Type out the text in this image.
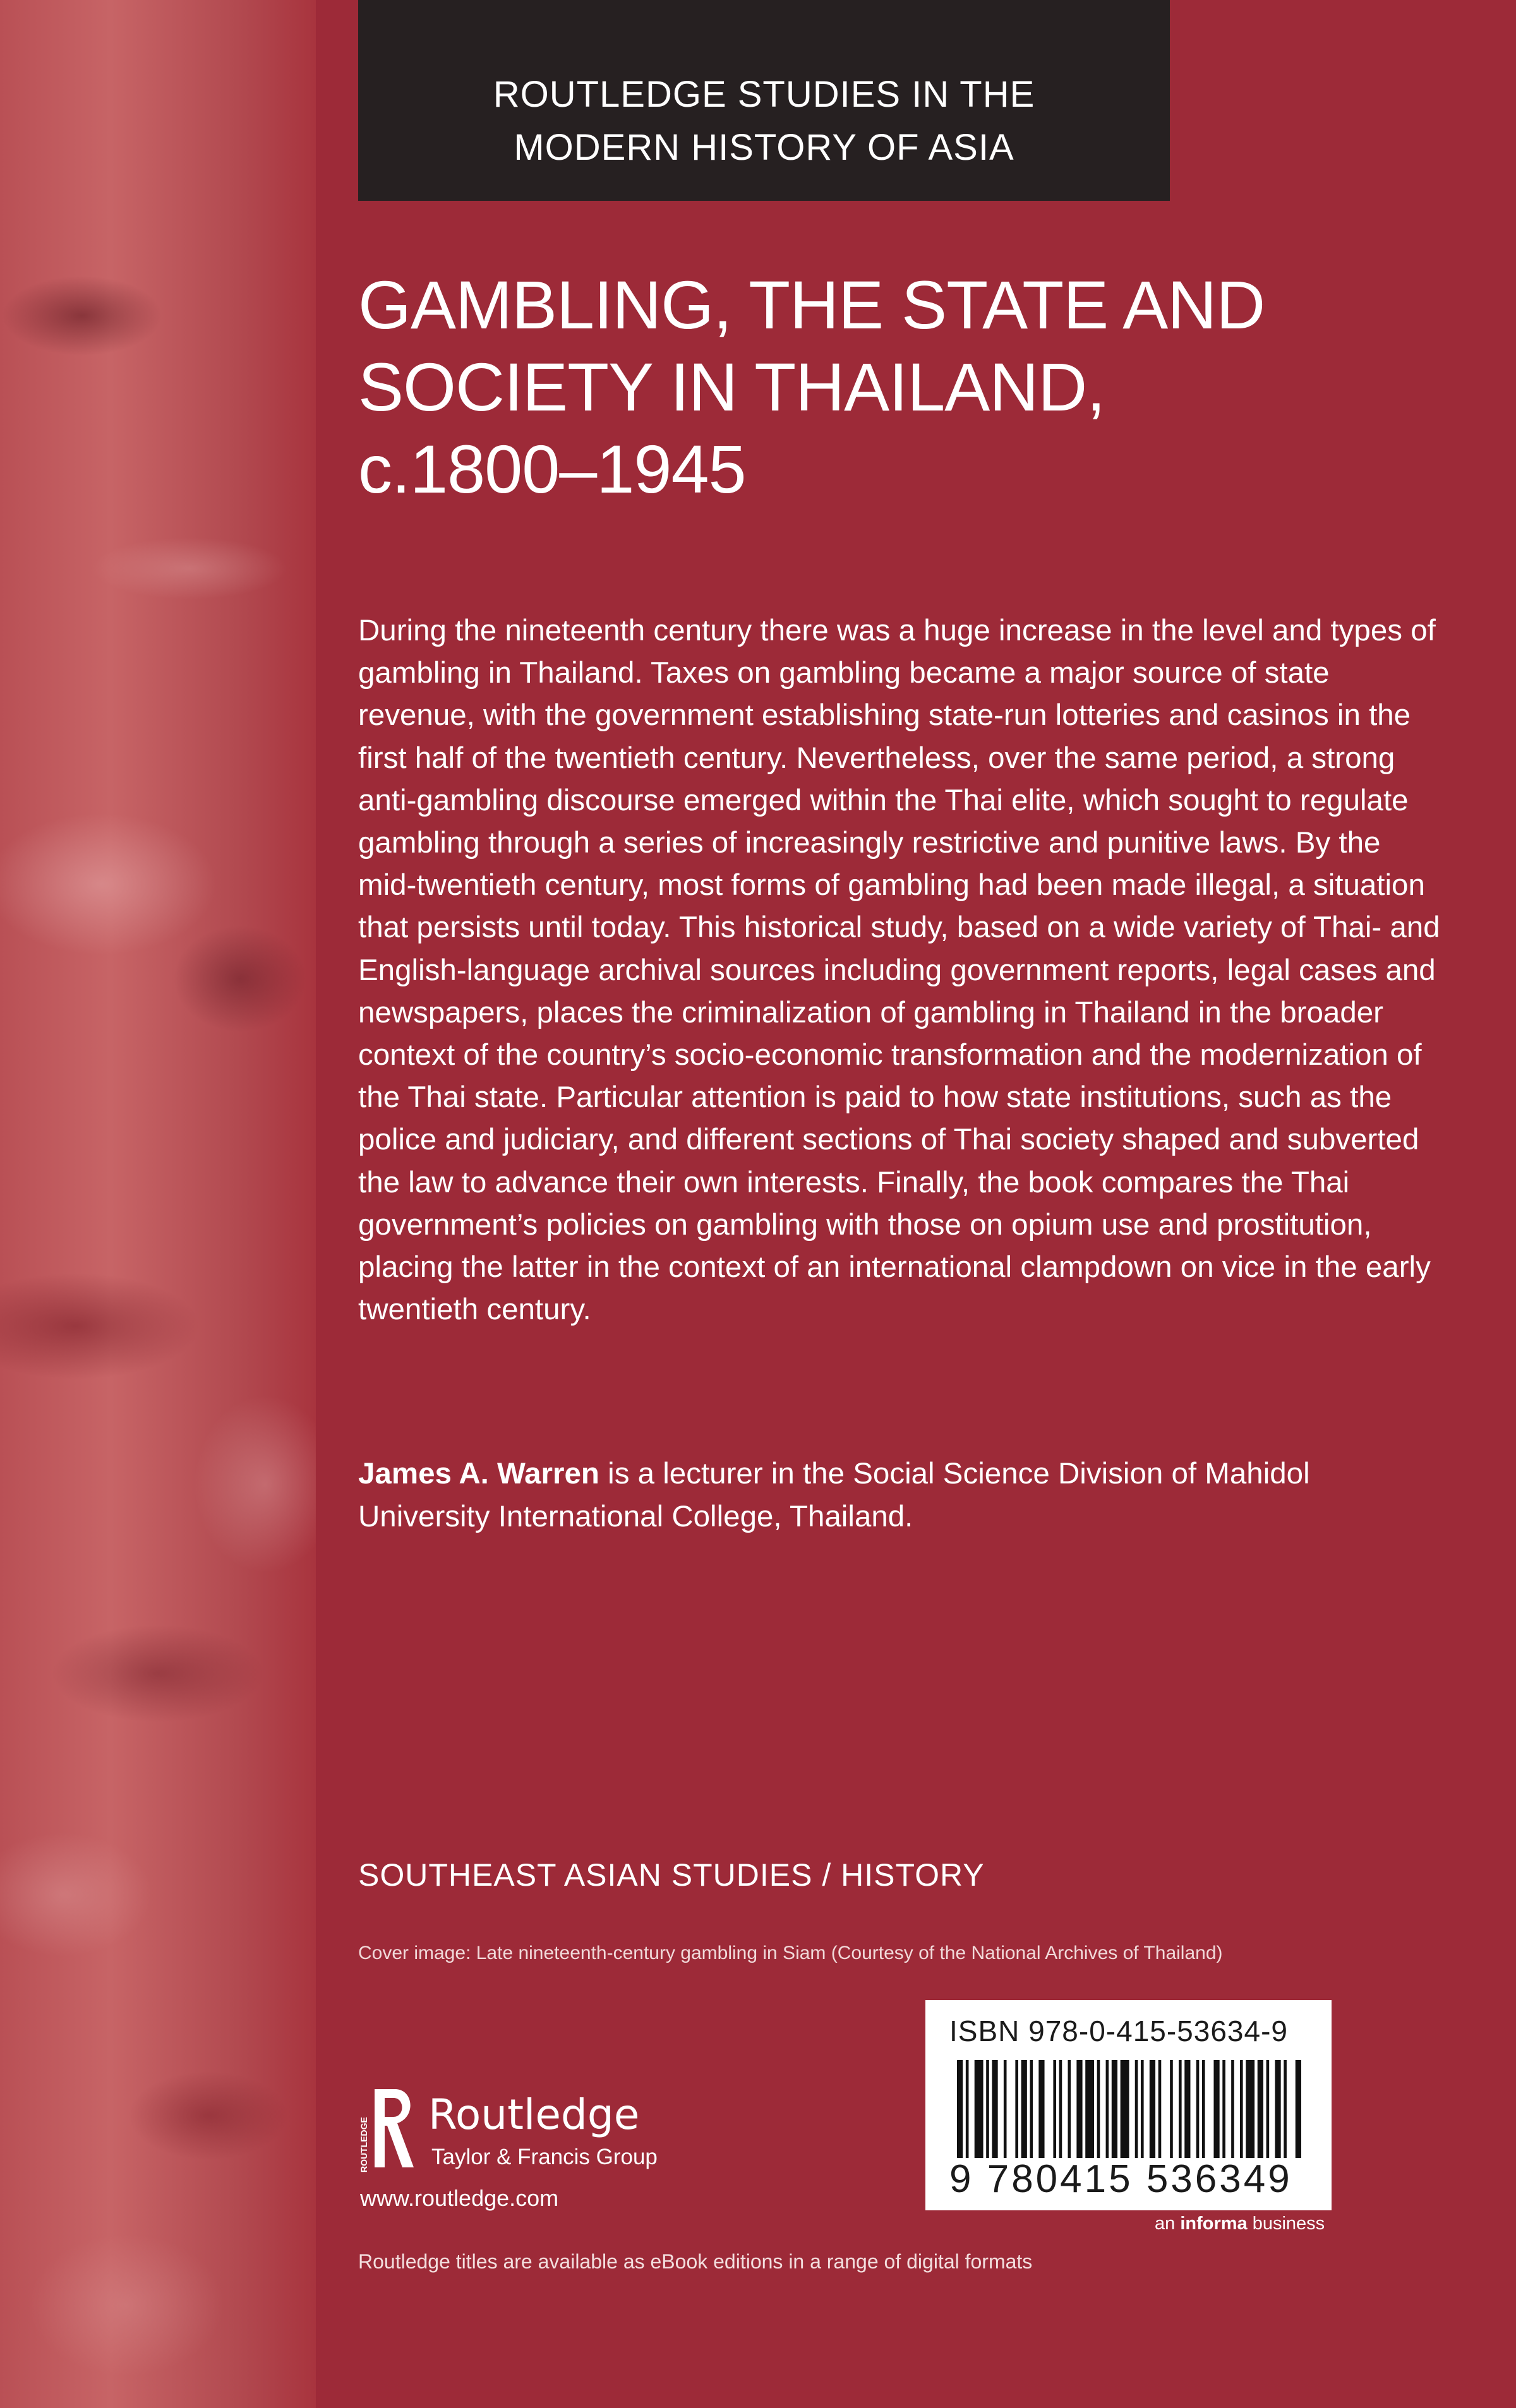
ROUTLEDGE STUDIES IN THE
MODERN HISTORY OF ASIA
GAMBLING, THE STATE AND
SOCIETY IN THAILAND,
c.1800–1945

During the nineteenth century there was a huge increase in the level and types of gambling in Thailand. Taxes on gambling became a major source of state revenue, with the government establishing state-run lotteries and casinos in the first half of the twentieth century. Nevertheless, over the same period, a strong anti-gambling discourse emerged within the Thai elite, which sought to regulate gambling through a series of increasingly restrictive and punitive laws. By the mid-twentieth century, most forms of gambling had been made illegal, a situation that persists until today. This historical study, based on a wide variety of Thai- and English-language archival sources including government reports, legal cases and newspapers, places the criminalization of gambling in Thailand in the broader context of the country’s socio-economic transformation and the modernization of the Thai state. Particular attention is paid to how state institutions, such as the police and judiciary, and different sections of Thai society shaped and subverted the law to advance their own interests. Finally, the book compares the Thai government’s policies on gambling with those on opium use and prostitution, placing the latter in the context of an international clampdown on vice in the early twentieth century.

James A. Warren is a lecturer in the Social Science Division of Mahidol University International College, Thailand.

SOUTHEAST ASIAN STUDIES / HISTORY
Cover image: Late nineteenth-century gambling in Siam (Courtesy of the National Archives of Thailand)
ROUTLEDGE
Routledge
Taylor & Francis Group
www.routledge.com
ISBN 978-0-415-53634-9
9 780415 536349
an informa business
Routledge titles are available as eBook editions in a range of digital formats
